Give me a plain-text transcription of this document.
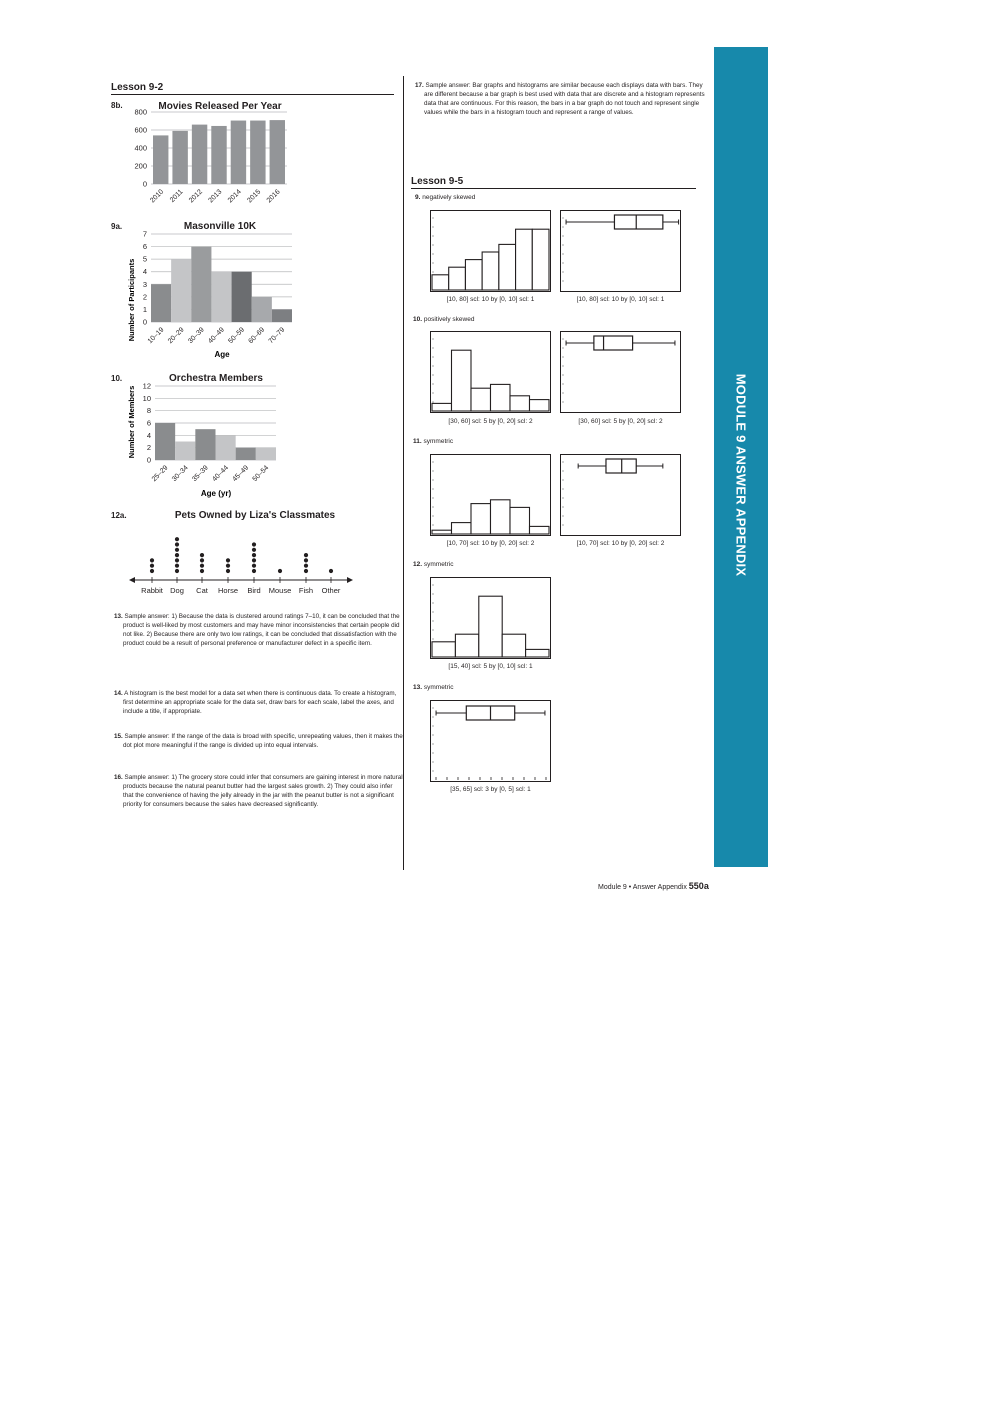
Lesson 9-2
8b.	Movies Released Per Year
0
200
400
600
800
2010 2011 2012 2013 2014 2015 2016
9a.	Masonville 10K
0
1
2
3
4
5
6
7
10–19 20–29 30–39 40–49 50–59 60–69 70–79
Number of Participants
Age
10.	Orchestra Members
0
2
4
6
8
10
12
25–29 30–34 35–39 40–44 45–49 50–54
Number of Members
Age (yr)
12a.	Pets Owned by Liza's Classmates
Rabbit Dog Cat Horse Bird Mouse Fish Other
13. Sample answer: 1) Because the data is clustered around ratings 7–10, it can be concluded that the product is well-liked by most customers and may have minor inconsistencies that certain people did not like. 2) Because there are only two low ratings, it can be concluded that dissatisfaction with the product could be a result of personal preference or manufacturer defect in a specific item.
14. A histogram is the best model for a data set when there is continuous data. To create a histogram, first determine an appropriate scale for the data set, draw bars for each scale, label the axes, and include a title, if appropriate.
15. Sample answer: If the range of the data is broad with specific, unrepeating values, then it makes the dot plot more meaningful if the range is divided up into equal intervals.
16. Sample answer: 1) The grocery store could infer that consumers are gaining interest in more natural products because the natural peanut butter had the largest sales growth. 2) They could also infer that the convenience of having the jelly already in the jar with the peanut butter is not a significant priority for consumers because the sales have decreased significantly.
17. Sample answer: Bar graphs and histograms are similar because each displays data with bars. They are different because a bar graph is best used with data that are discrete and a histogram represents data that are continuous. For this reason, the bars in a bar graph do not touch and represent single values while the bars in a histogram touch and represent a range of values.
Lesson 9-5
9. negatively skewed
[10, 80] scl: 10 by [0, 10] scl: 1	[10, 80] scl: 10 by [0, 10] scl: 1
10. positively skewed
[30, 60] scl: 5 by [0, 20] scl: 2	[30, 60] scl: 5 by [0, 20] scl: 2
11. symmetric
[10, 70] scl: 10 by [0, 20] scl: 2	[10, 70] scl: 10 by [0, 20] scl: 2
12. symmetric
[15, 40] scl: 5 by [0, 10] scl: 1
13. symmetric
[35, 65] scl: 3 by [0, 5] scl: 1
MODULE 9 ANSWER APPENDIX
Module 9 • Answer Appendix 550a
